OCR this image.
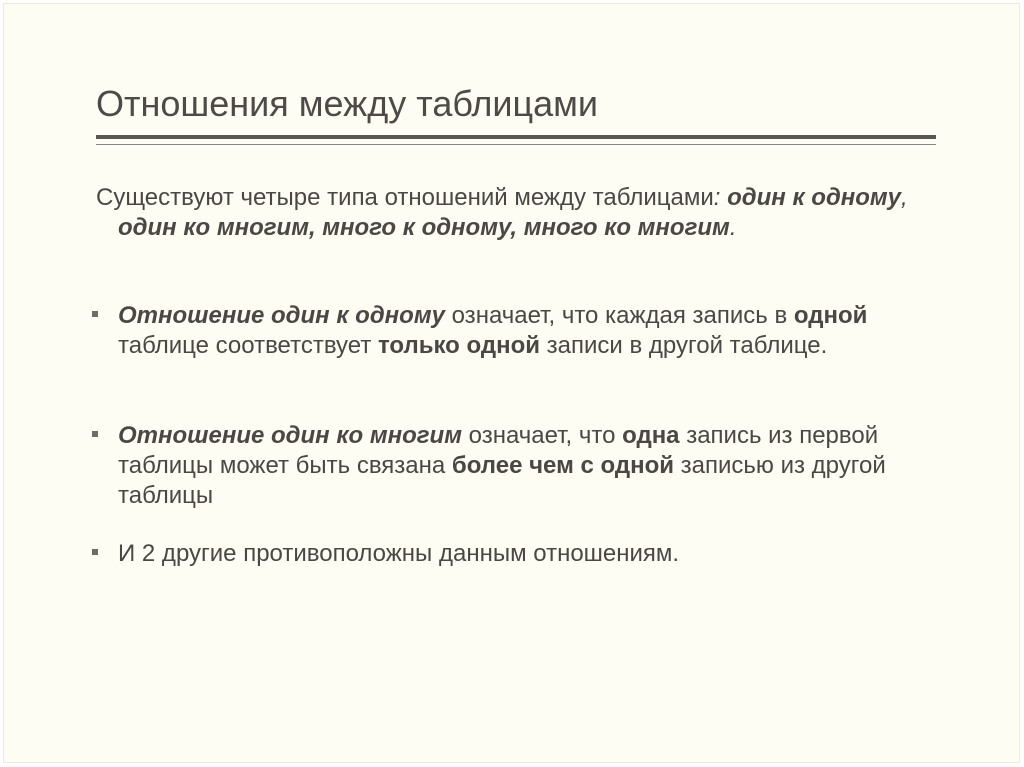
Отношения между таблицами

Существуют четыре типа отношений между таблицами: один к одному, один ко многим, много к одному, много ко многим.

Отношение один к одному означает, что каждая запись в одной таблице соответствует только одной записи в другой таблице.

Отношение один ко многим означает, что одна запись из первой таблицы может быть связана более чем с одной записью из другой таблицы

И 2 другие противоположны данным отношениям.
